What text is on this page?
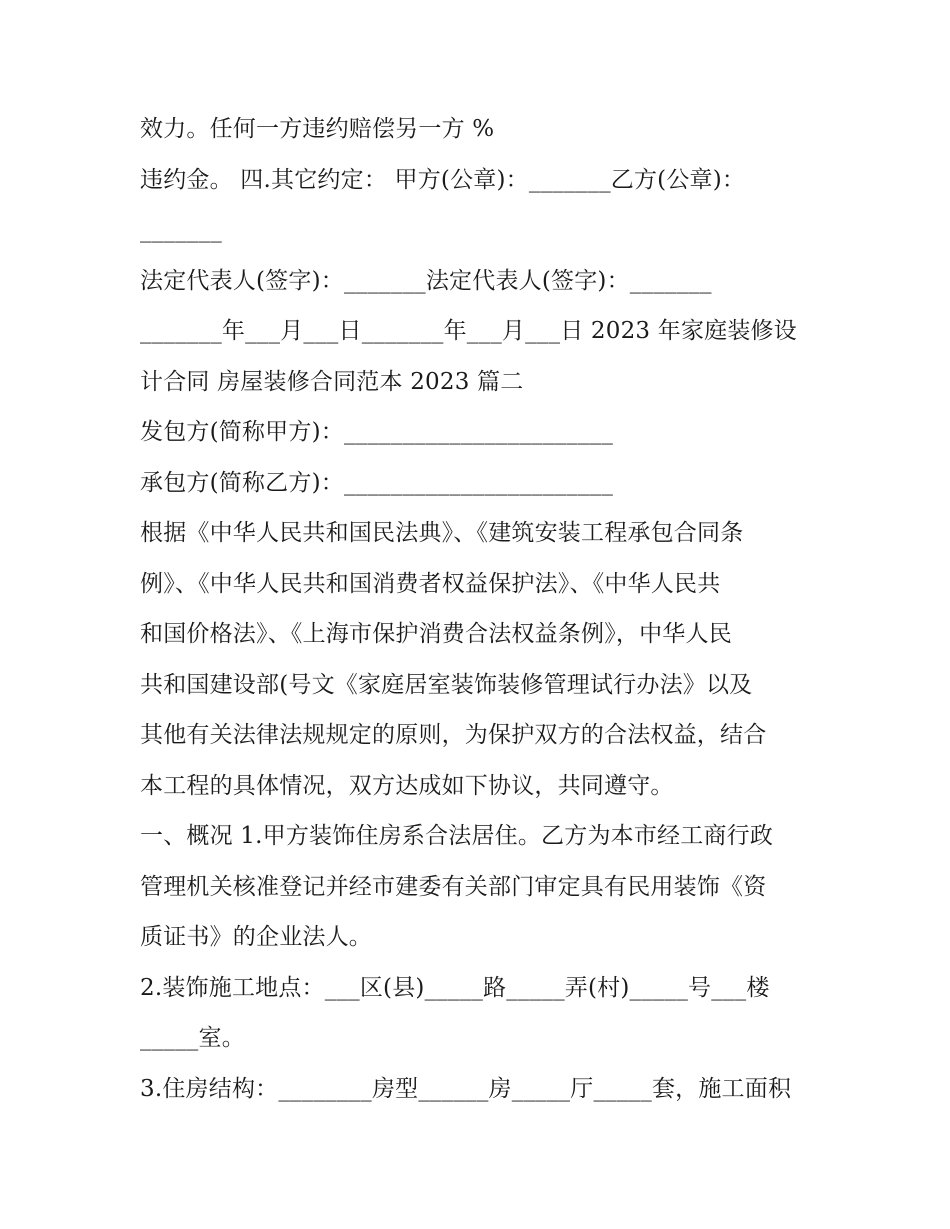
效力。任何一方违约赔偿另一方 %
违约金。 四.其它约定： 甲方(公章)：_______乙方(公章)：
_______
法定代表人(签字)：_______法定代表人(签字)：_______
_______年___月___日_______年___月___日 2023 年家庭装修设
计合同 房屋装修合同范本 2023 篇二
发包方(简称甲方)：_______________________
承包方(简称乙方)：_______________________
根据《中华人民共和国民法典》、《建筑安装工程承包合同条
例》、《中华人民共和国消费者权益保护法》、《中华人民共
和国价格法》、《上海市保护消费合法权益条例》，中华人民
共和国建设部(号文《家庭居室装饰装修管理试行办法》以及
其他有关法律法规规定的原则，为保护双方的合法权益，结合
本工程的具体情况，双方达成如下协议，共同遵守。
一、概况 1.甲方装饰住房系合法居住。乙方为本市经工商行政
管理机关核准登记并经市建委有关部门审定具有民用装饰《资
质证书》的企业法人。
2.装饰施工地点：___区(县)_____路_____弄(村)_____号___楼
_____室。
3.住房结构：________房型______房_____厅_____套，施工面积
